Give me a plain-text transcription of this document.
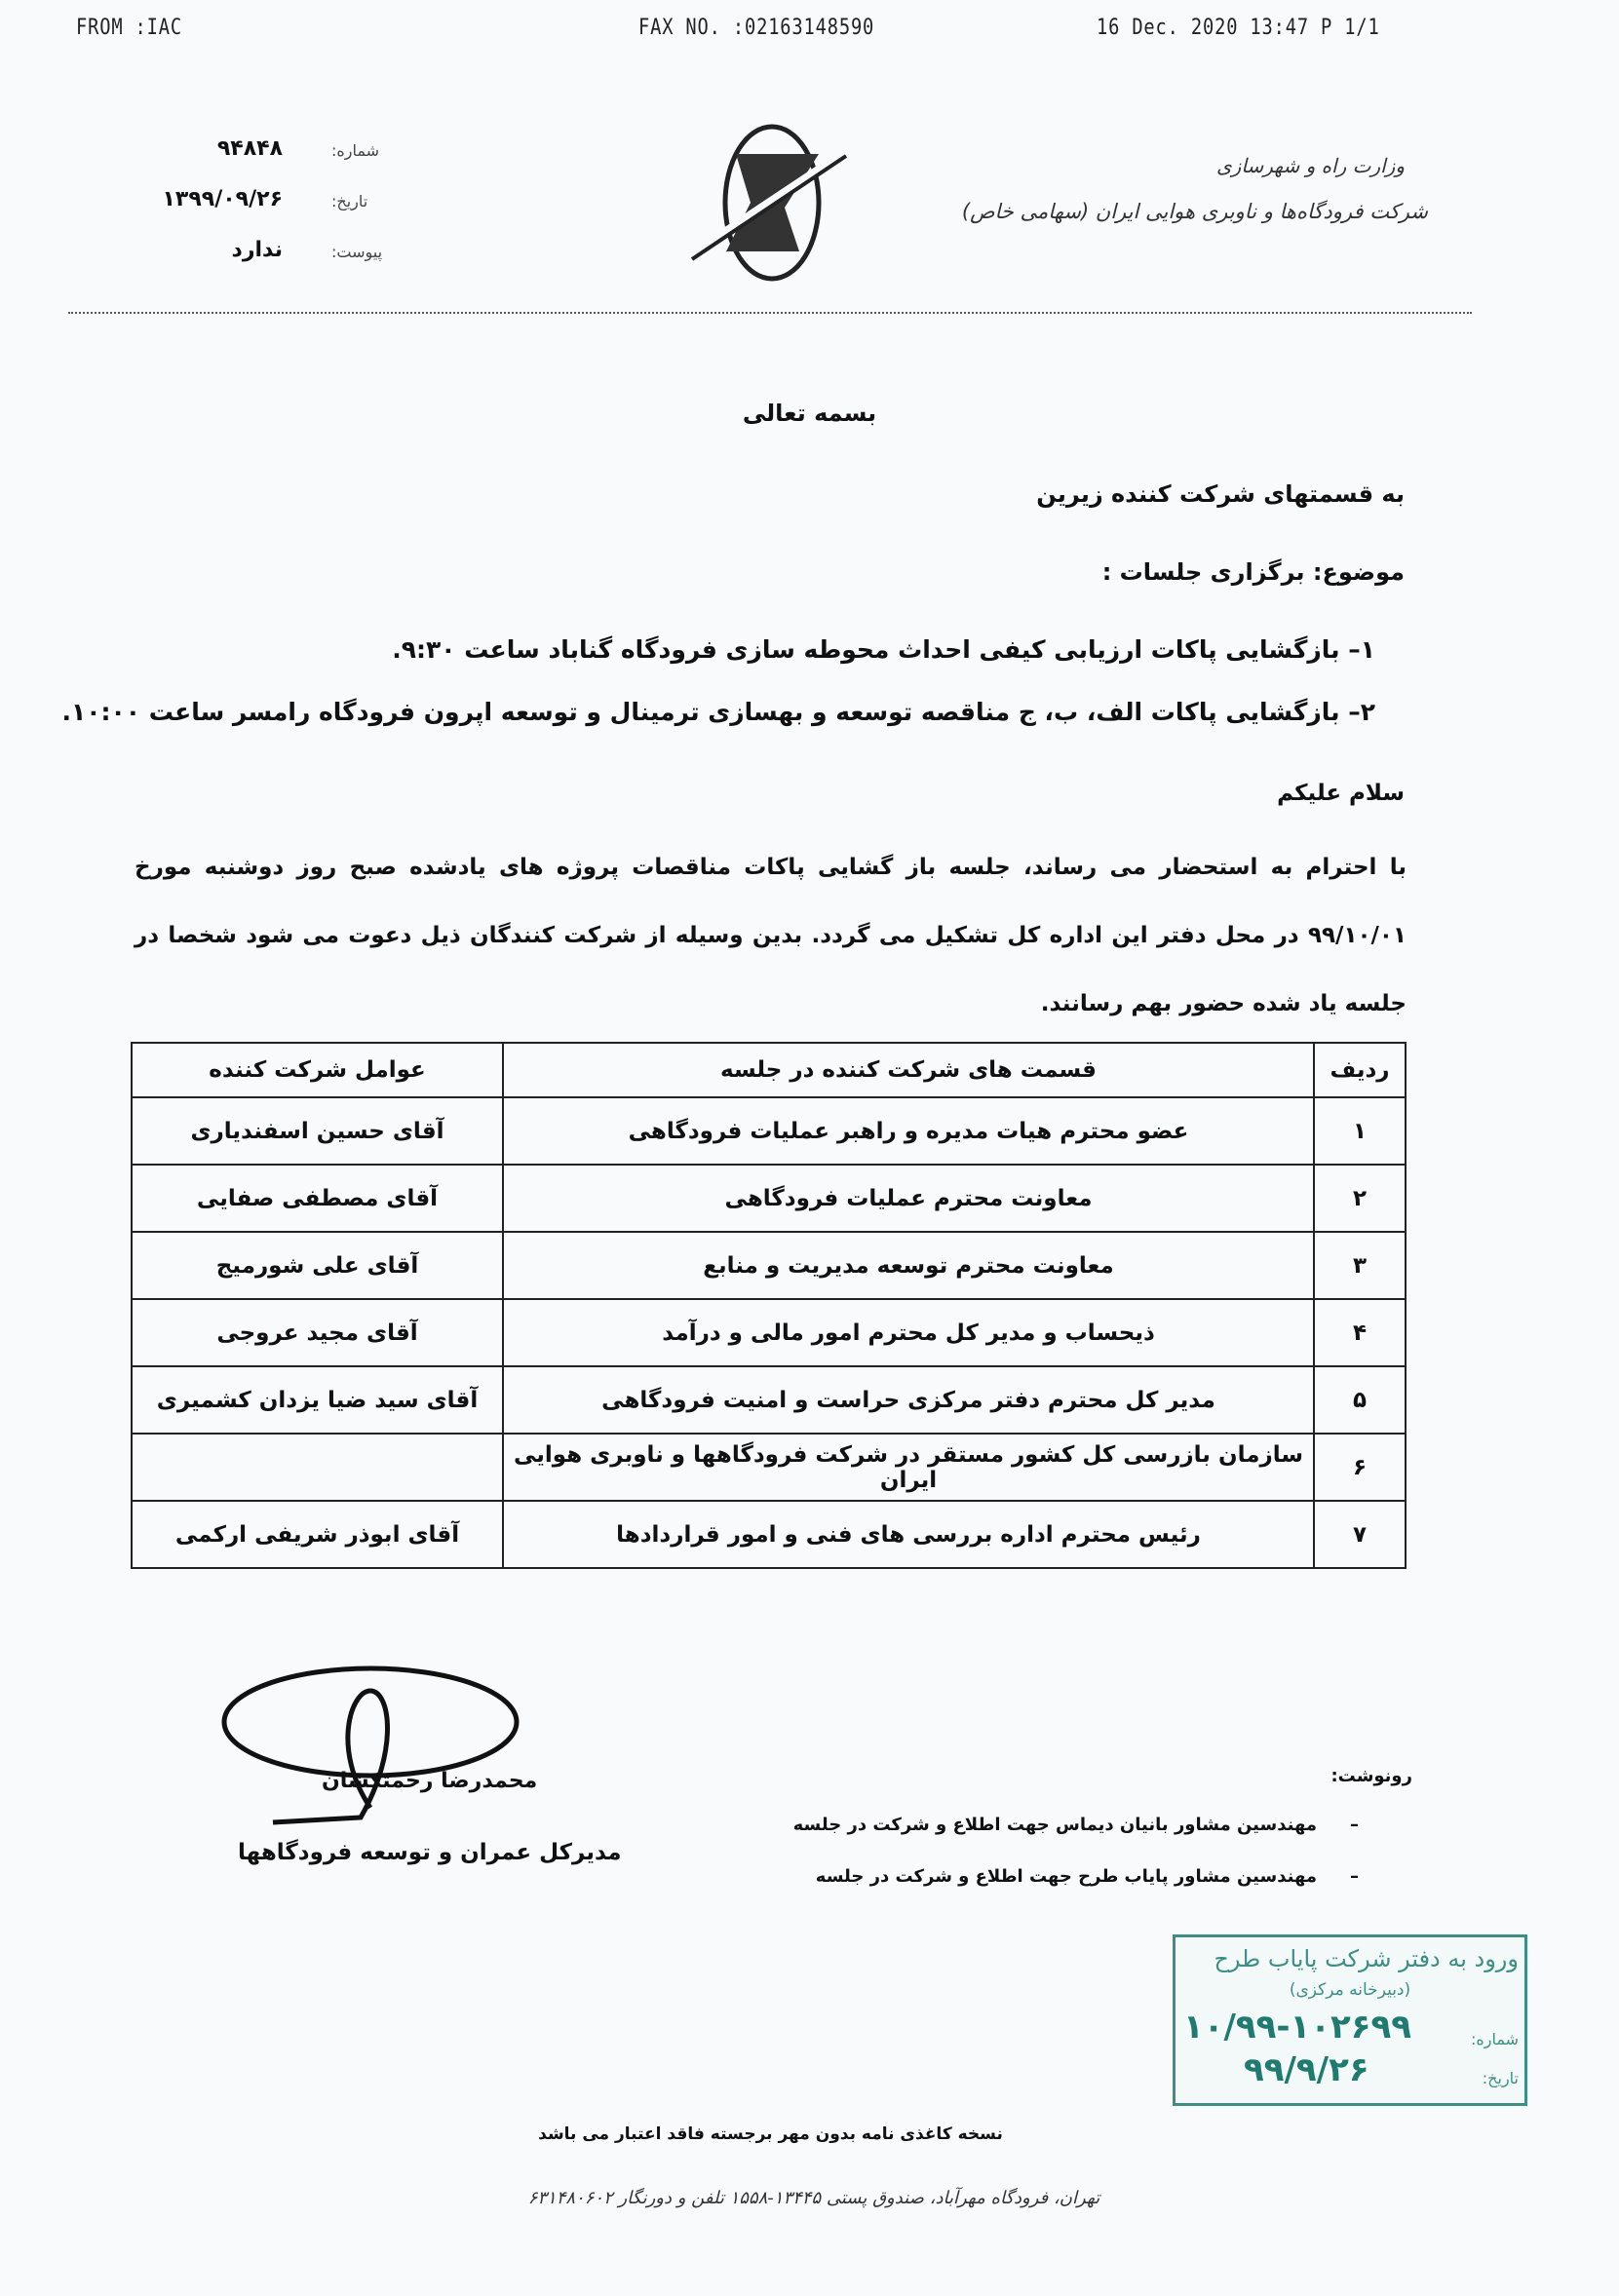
FROM :IAC	FAX NO. :02163148590	16 Dec. 2020 13:47 P 1/1
۹۴۸۴۸	شماره:
۱۳۹۹/۰۹/۲۶	تاریخ:
ندارد	پیوست:
وزارت راه و شهرسازی
شرکت فرودگاه‌ها و ناوبری هوایی ایران (سهامی خاص)
بسمه تعالی
به قسمتهای شرکت کننده زیرین
موضوع: برگزاری جلسات :
۱– بازگشایی پاکات ارزیابی کیفی احداث محوطه سازی فرودگاه گناباد ساعت ۹:۳۰.
۲– بازگشایی پاکات الف، ب، ج مناقصه توسعه و بهسازی ترمینال و توسعه اپرون فرودگاه رامسر ساعت ۱۰:۰۰.
سلام علیکم
با احترام به استحضار می رساند، جلسه باز گشایی پاکات مناقصات پروژه های یادشده صبح روز دوشنبه مورخ ۹۹/۱۰/۰۱ در محل دفتر این اداره کل تشکیل می گردد. بدین وسیله از شرکت کنندگان ذیل دعوت می شود شخصا در جلسه یاد شده حضور بهم رسانند.
ردیف	قسمت های شرکت کننده در جلسه	عوامل شرکت کننده
۱	عضو محترم هیات مدیره و راهبر عملیات فرودگاهی	آقای حسین اسفندیاری
۲	معاونت محترم عملیات فرودگاهی	آقای مصطفی صفایی
۳	معاونت محترم توسعه مدیریت و منابع	آقای علی شورمیج
۴	ذیحساب و مدیر کل محترم امور مالی و درآمد	آقای مجید عروجی
۵	مدیر کل محترم دفتر مرکزی حراست و امنیت فرودگاهی	آقای سید ضیا یزدان کشمیری
۶	سازمان بازرسی کل کشور مستقر در شرکت فرودگاهها و ناوبری هوایی ایران	
۷	رئیس محترم اداره بررسی های فنی و امور قراردادها	آقای ابوذر شریفی ارکمی
محمدرضا رحمتکشان
مدیرکل عمران و توسعه فرودگاهها
رونوشت:
–
مهندسین مشاور بانیان دیماس جهت اطلاع و شرکت در جلسه
–
مهندسین مشاور پایاب طرح جهت اطلاع و شرکت در جلسه
ورود به دفتر شرکت پایاب طرح
(دبیرخانه مرکزی)
شماره:
۱۰/۹۹-۱۰۲۶۹۹
تاریخ:
۹۹/۹/۲۶
نسخه کاغذی نامه بدون مهر برجسته فاقد اعتبار می باشد
تهران، فرودگاه مهرآباد، صندوق پستی ۱۳۴۴۵-۱۵۵۸ تلفن و دورنگار ۶۳۱۴۸۰۶۰۲
